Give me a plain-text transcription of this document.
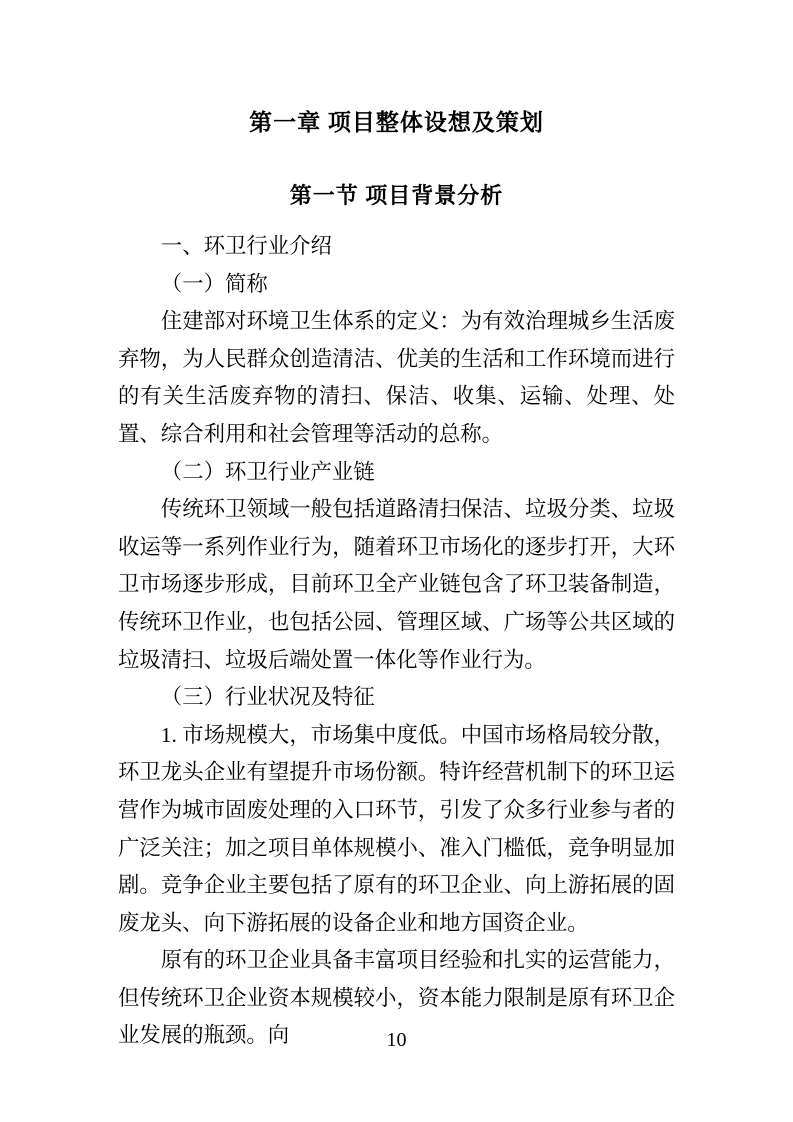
第一章 项目整体设想及策划
第一节 项目背景分析

一、环卫行业介绍

（一）简称

住建部对环境卫生体系的定义：为有效治理城乡生活废弃物，为人民群众创造清洁、优美的生活和工作环境而进行的有关生活废弃物的清扫、保洁、收集、运输、处理、处置、综合利用和社会管理等活动的总称。

（二）环卫行业产业链

传统环卫领域一般包括道路清扫保洁、垃圾分类、垃圾收运等一系列作业行为，随着环卫市场化的逐步打开，大环卫市场逐步形成，目前环卫全产业链包含了环卫装备制造，传统环卫作业，也包括公园、管理区域、广场等公共区域的垃圾清扫、垃圾后端处置一体化等作业行为。

（三）行业状况及特征

1. 市场规模大，市场集中度低。中国市场格局较分散，环卫龙头企业有望提升市场份额。特许经营机制下的环卫运营作为城市固废处理的入口环节，引发了众多行业参与者的广泛关注；加之项目单体规模小、准入门槛低，竞争明显加剧。竞争企业主要包括了原有的环卫企业、向上游拓展的固废龙头、向下游拓展的设备企业和地方国资企业。

原有的环卫企业具备丰富项目经验和扎实的运营能力，但传统环卫企业资本规模较小，资本能力限制是原有环卫企业发展的瓶颈。向	10
